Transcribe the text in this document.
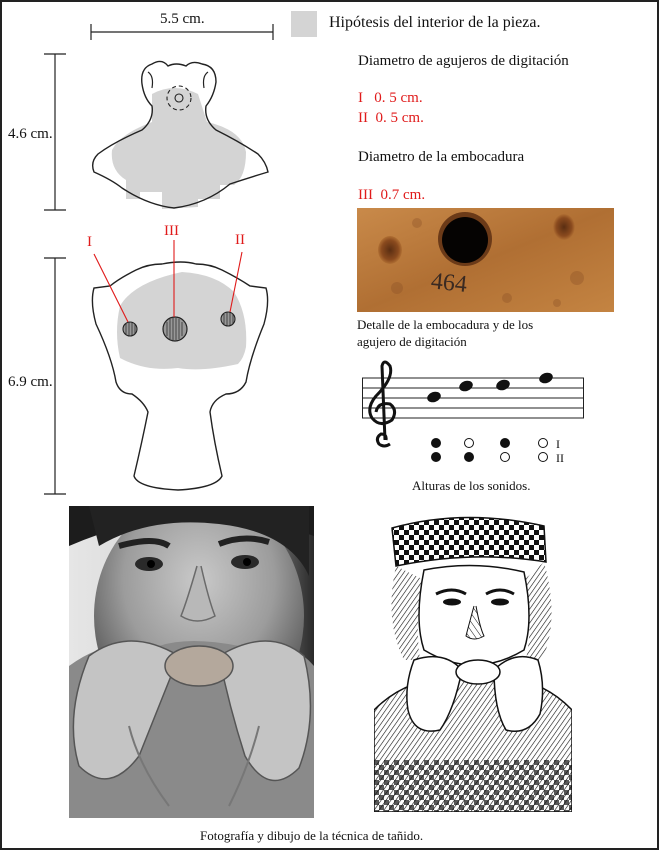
Hipótesis del interior de la pieza.
5.5 cm.
4.6 cm.
6.9 cm.
I
III
II
Diametro de agujeros de digitación
I 0. 5 cm.
II 0. 5 cm.
Diametro de la embocadura
III 0.7 cm.
464
Detalle de la embocadura y de los
agujero de digitación
I
II
Alturas de los sonidos.
Fotografía y dibujo de la técnica de tañido.
